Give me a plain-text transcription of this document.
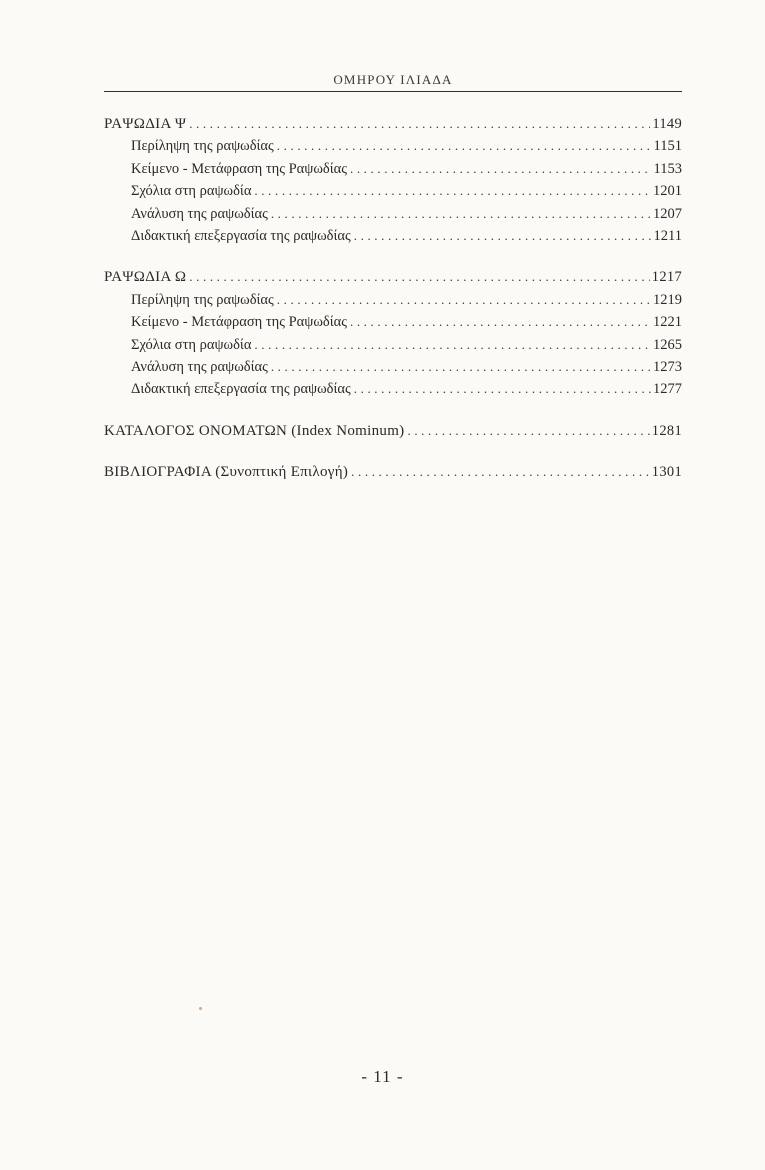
ΟΜΗΡΟΥ ΙΛΙΑΔΑ
ΡΑΨΩΔΙΑ Ψ .....	1149
Περίληψη της ραψωδίας .....	1151
Κείμενο - Μετάφραση της Ραψωδίας .....	1153
Σχόλια στη ραψωδία .....	1201
Ανάλυση της ραψωδίας .....	1207
Διδακτική επεξεργασία της ραψωδίας .....	1211
ΡΑΨΩΔΙΑ Ω .....	1217
Περίληψη της ραψωδίας .....	1219
Κείμενο - Μετάφραση της Ραψωδίας .....	1221
Σχόλια στη ραψωδία .....	1265
Ανάλυση της ραψωδίας .....	1273
Διδακτική επεξεργασία της ραψωδίας .....	1277
ΚΑΤΑΛΟΓΟΣ ΟΝΟΜΑΤΩΝ (Index Nominum) .....	1281
ΒΙΒΛΙΟΓΡΑΦΙΑ (Συνοπτική Επιλογή) .....	1301
- 11 -
